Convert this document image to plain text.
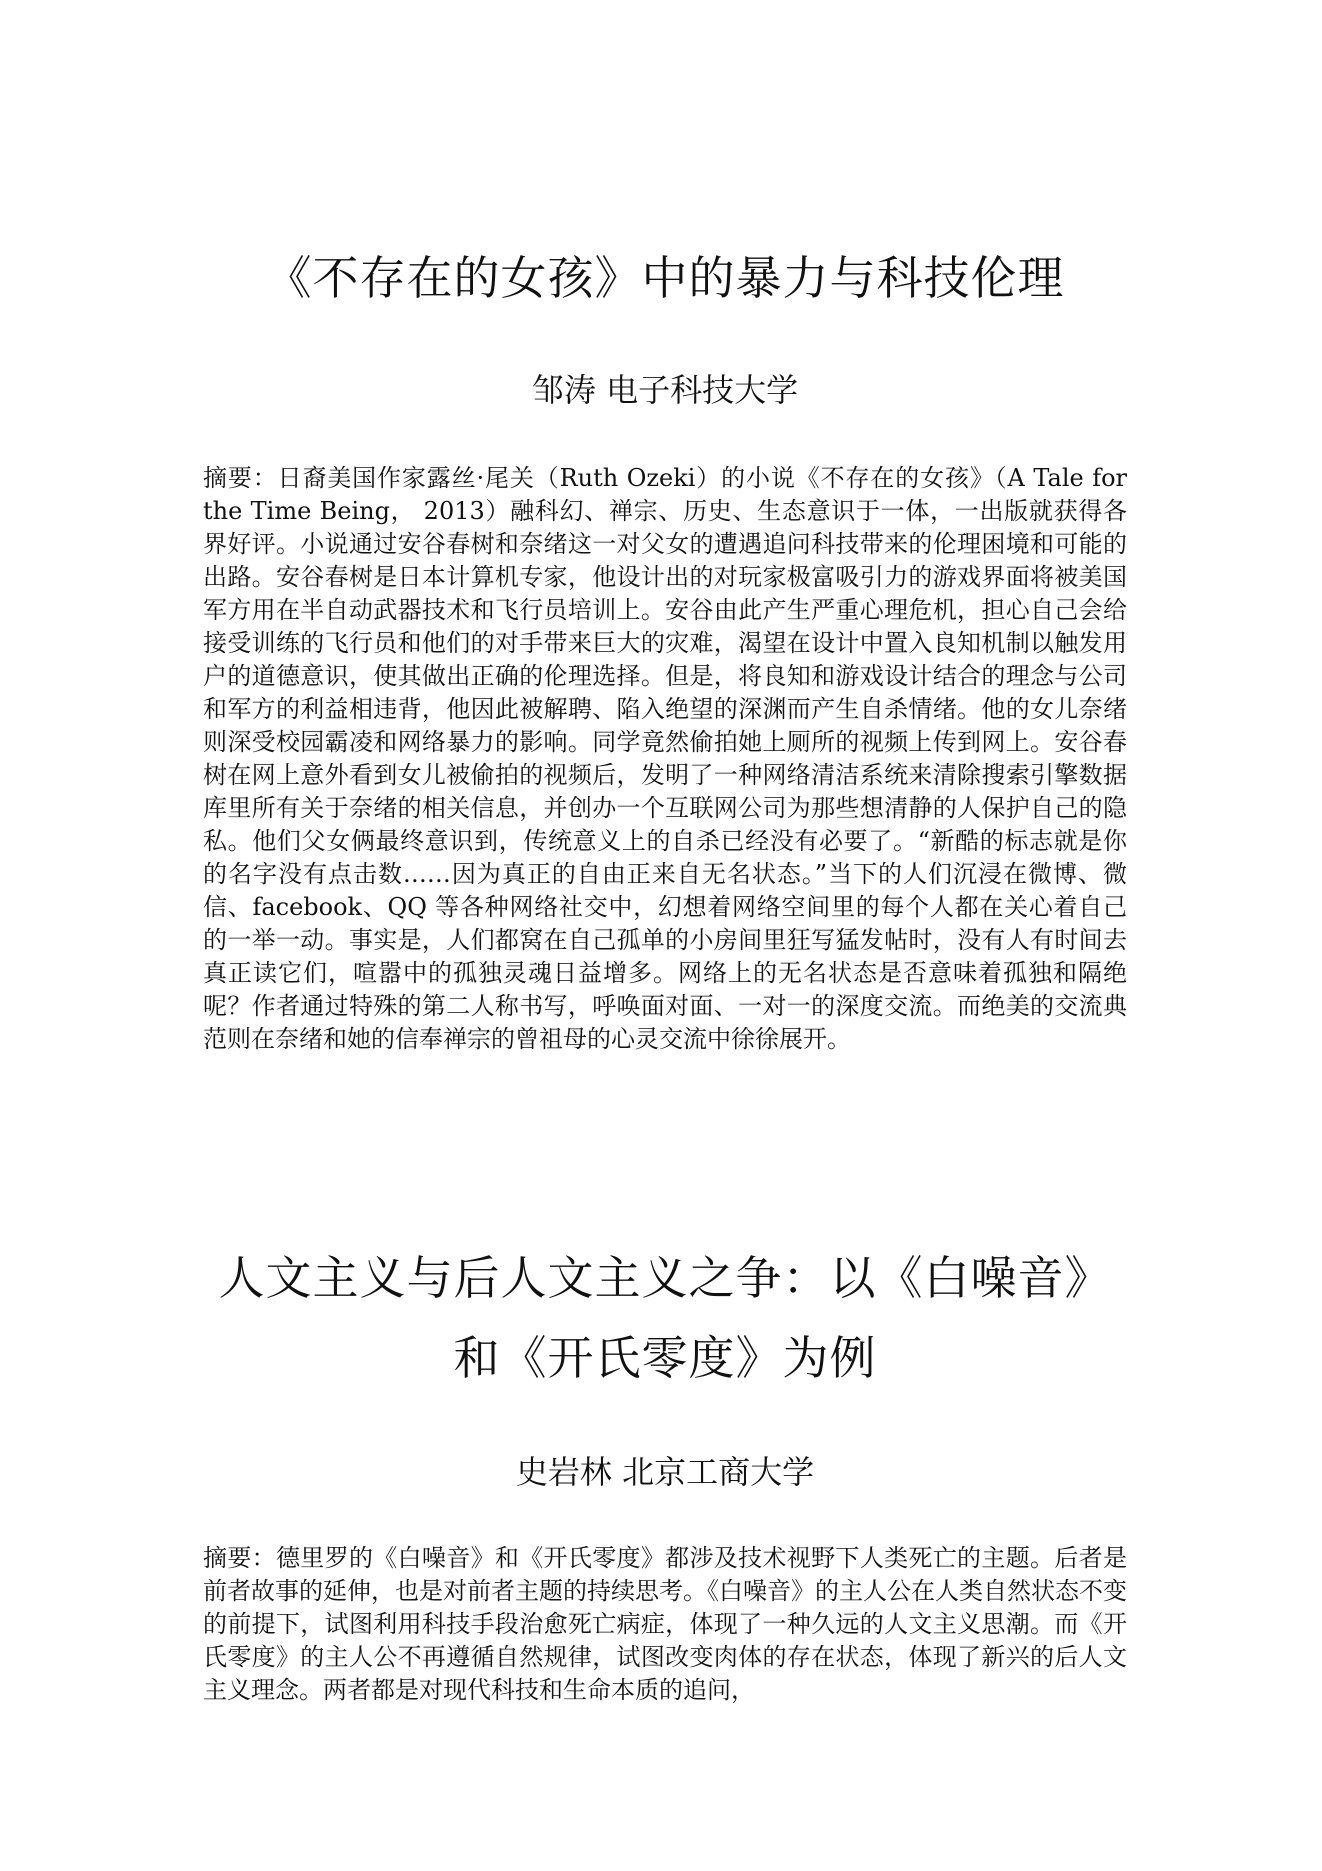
《不存在的女孩》中的暴力与科技伦理

邹涛 电子科技大学

摘要：日裔美国作家露丝·尾关（Ruth Ozeki）的小说《不存在的女孩》（A Tale for the Time Being， 2013）融科幻、禅宗、历史、生态意识于一体，一出版就获得各界好评。小说通过安谷春树和奈绪这一对父女的遭遇追问科技带来的伦理困境和可能的出路。安谷春树是日本计算机专家，他设计出的对玩家极富吸引力的游戏界面将被美国军方用在半自动武器技术和飞行员培训上。安谷由此产生严重心理危机，担心自己会给接受训练的飞行员和他们的对手带来巨大的灾难，渴望在设计中置入良知机制以触发用户的道德意识，使其做出正确的伦理选择。但是，将良知和游戏设计结合的理念与公司和军方的利益相违背，他因此被解聘、陷入绝望的深渊而产生自杀情绪。他的女儿奈绪则深受校园霸凌和网络暴力的影响。同学竟然偷拍她上厕所的视频上传到网上。安谷春树在网上意外看到女儿被偷拍的视频后，发明了一种网络清洁系统来清除搜索引擎数据库里所有关于奈绪的相关信息，并创办一个互联网公司为那些想清静的人保护自己的隐私。他们父女俩最终意识到，传统意义上的自杀已经没有必要了。“新酷的标志就是你的名字没有点击数……因为真正的自由正来自无名状态。”当下的人们沉浸在微博、微信、facebook、QQ 等各种网络社交中，幻想着网络空间里的每个人都在关心着自己的一举一动。事实是，人们都窝在自己孤单的小房间里狂写猛发帖时，没有人有时间去真正读它们，喧嚣中的孤独灵魂日益增多。网络上的无名状态是否意味着孤独和隔绝呢？作者通过特殊的第二人称书写，呼唤面对面、一对一的深度交流。而绝美的交流典范则在奈绪和她的信奉禅宗的曾祖母的心灵交流中徐徐展开。

人文主义与后人文主义之争：以《白噪音》
和《开氏零度》为例

史岩林 北京工商大学

摘要：德里罗的《白噪音》和《开氏零度》都涉及技术视野下人类死亡的主题。后者是前者故事的延伸，也是对前者主题的持续思考。《白噪音》的主人公在人类自然状态不变的前提下，试图利用科技手段治愈死亡病症，体现了一种久远的人文主义思潮。而《开氏零度》的主人公不再遵循自然规律，试图改变肉体的存在状态，体现了新兴的后人文主义理念。两者都是对现代科技和生命本质的追问，
